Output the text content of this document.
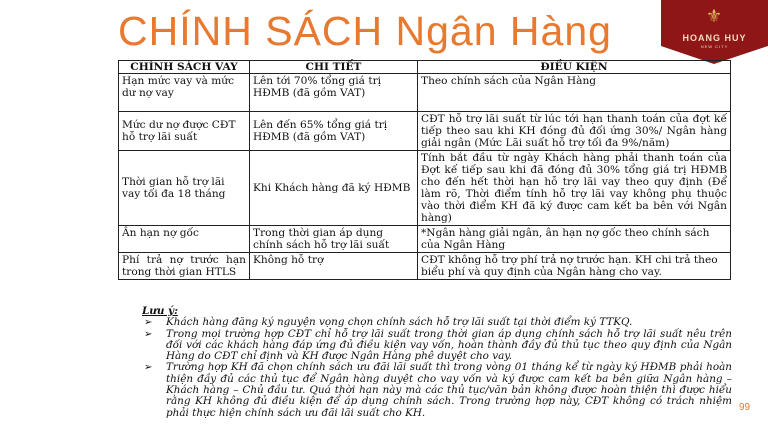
CHÍNH SÁCH Ngân Hàng	⚜
HOANG HUY
NEW CITY
CHÍNH SÁCH VAY	CHI TIẾT	ĐIỀU KIỆN
Hạn mức vay và mức dư nợ vay	Lên tới 70% tổng giá trị HĐMB (đã gồm VAT)	Theo chính sách của Ngân Hàng
Mức dư nợ được CĐT hỗ trợ lãi suất	Lên đến 65% tổng giá trị HĐMB (đã gồm VAT)	CĐT hỗ trợ lãi suất từ lúc tới hạn thanh toán của đợt kế tiếp theo sau khi KH đóng đủ đối ứng 30%/ Ngân hàng giải ngân (Mức Lãi suất hỗ trợ tối đa 9%/năm)
Thời gian hỗ trợ lãi vay tối đa 18 tháng	Khi Khách hàng đã ký HĐMB	Tính bắt đầu từ ngày Khách hàng phải thanh toán của Đợt kế tiếp sau khi đã đóng đủ 30% tổng giá trị HĐMB cho đến hết thời hạn hỗ trợ lãi vay theo quy định (Để làm rõ, Thời điểm tính hỗ trợ lãi vay không phụ thuộc vào thời điểm KH đã ký được cam kết ba bên với Ngân hàng)
Ân hạn nợ gốc	Trong thời gian áp dụng chính sách hỗ trợ lãi suất	*Ngân hàng giải ngân, ân hạn nợ gốc theo chính sách của Ngân Hàng
Phí trả nợ trước hạn trong thời gian HTLS	Không hỗ trợ	CĐT không hỗ trợ phí trả nợ trước hạn. KH chi trả theo biểu phí và quy định của Ngân hàng cho vay.
Lưu ý:
➢ Khách hàng đăng ký nguyện vọng chọn chính sách hỗ trợ lãi suất tại thời điểm ký TTKQ.
➢ Trong mọi trường hợp CĐT chỉ hỗ trợ lãi suất trong thời gian áp dụng chính sách hỗ trợ lãi suất nêu trên đối với các khách hàng đáp ứng đủ điều kiện vay vốn, hoàn thành đầy đủ thủ tục theo quy định của Ngân Hàng do CĐT chỉ định và KH được Ngân Hàng phê duyệt cho vay.
➢ Trường hợp KH đã chọn chính sách ưu đãi lãi suất thì trong vòng 01 tháng kể từ ngày ký HĐMB phải hoàn thiện đầy đủ các thủ tục để Ngân hàng duyệt cho vay vốn và ký được cam kết ba bên giữa Ngân hàng – Khách hàng – Chủ đầu tư. Quá thời hạn này mà các thủ tục/văn bản không được hoàn thiện thì được hiểu rằng KH không đủ điều kiện để áp dụng chính sách. Trong trường hợp này, CĐT không có trách nhiệm phải thực hiện chính sách ưu đãi lãi suất cho KH.	99
